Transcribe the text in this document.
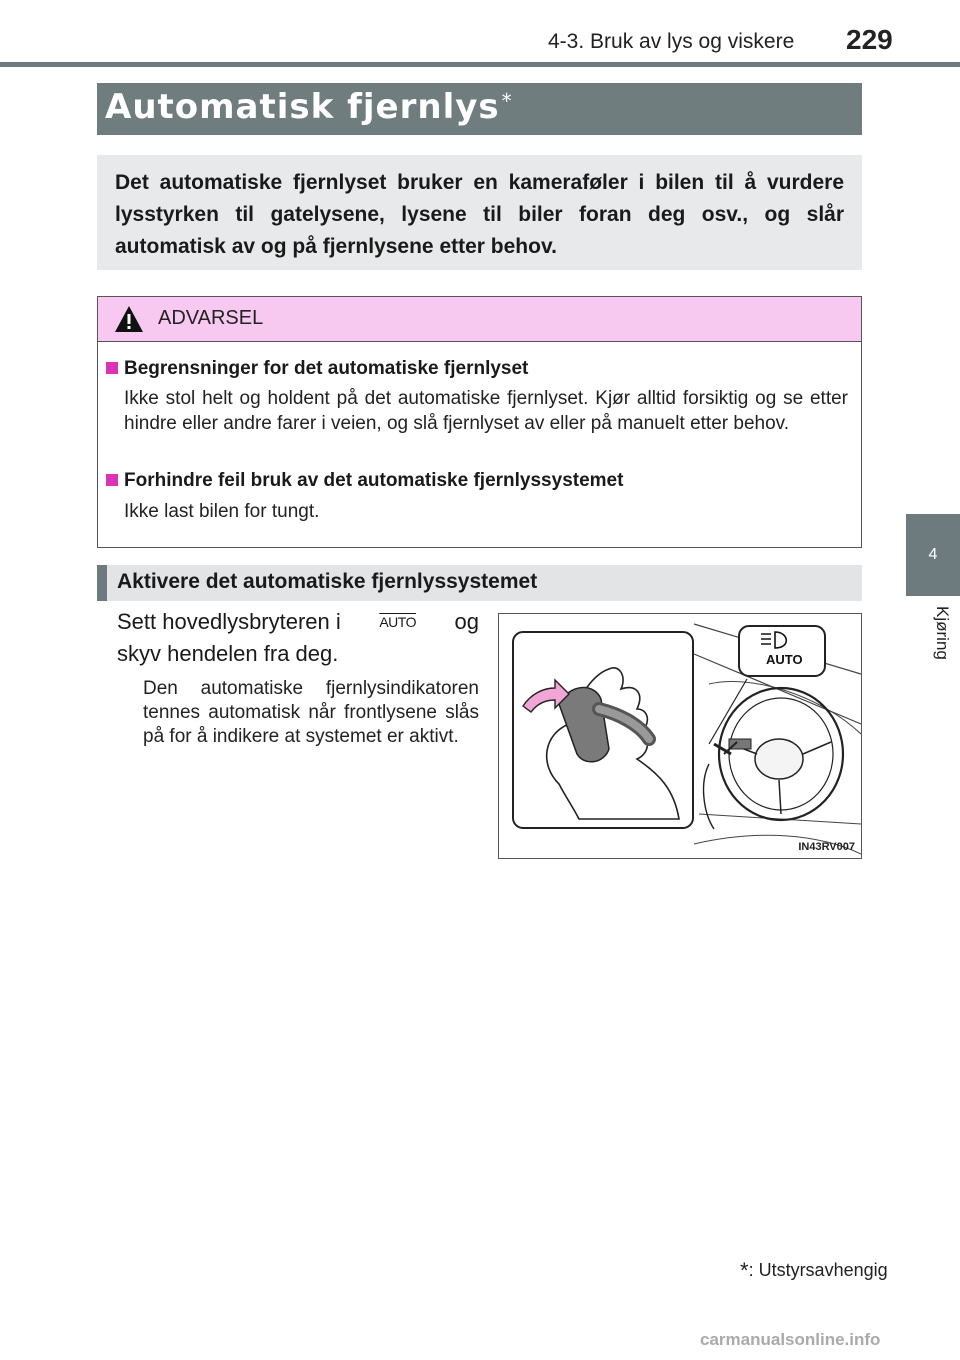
4-3. Bruk av lys og viskere 229
4
Kjøring
Automatisk fjernlys *
Det automatiske fjernlyset bruker en kameraføler i bilen til å vurdere lysstyrken til gatelysene, lysene til biler foran deg osv., og slår automatisk av og på fjernlysene etter behov.
ADVARSEL
Begrensninger for det automatiske fjernlyset
Ikke stol helt og holdent på det automatiske fjernlyset. Kjør alltid forsiktig og se etter hindre eller andre farer i veien, og slå fjernlyset av eller på manuelt etter behov.
Forhindre feil bruk av det automatiske fjernlyssystemet
Ikke last bilen for tungt.
Aktivere det automatiske fjernlyssystemet
Sett hovedlysbryteren i	AUTO og
skyv hendelen fra deg.
Den automatiske fjernlysindikatoren tennes automatisk når frontlysene slås på for å indikere at systemet er aktivt.
AUTO
IN43RV007
*: Utstyrsavhengig
carmanualsonline.info
